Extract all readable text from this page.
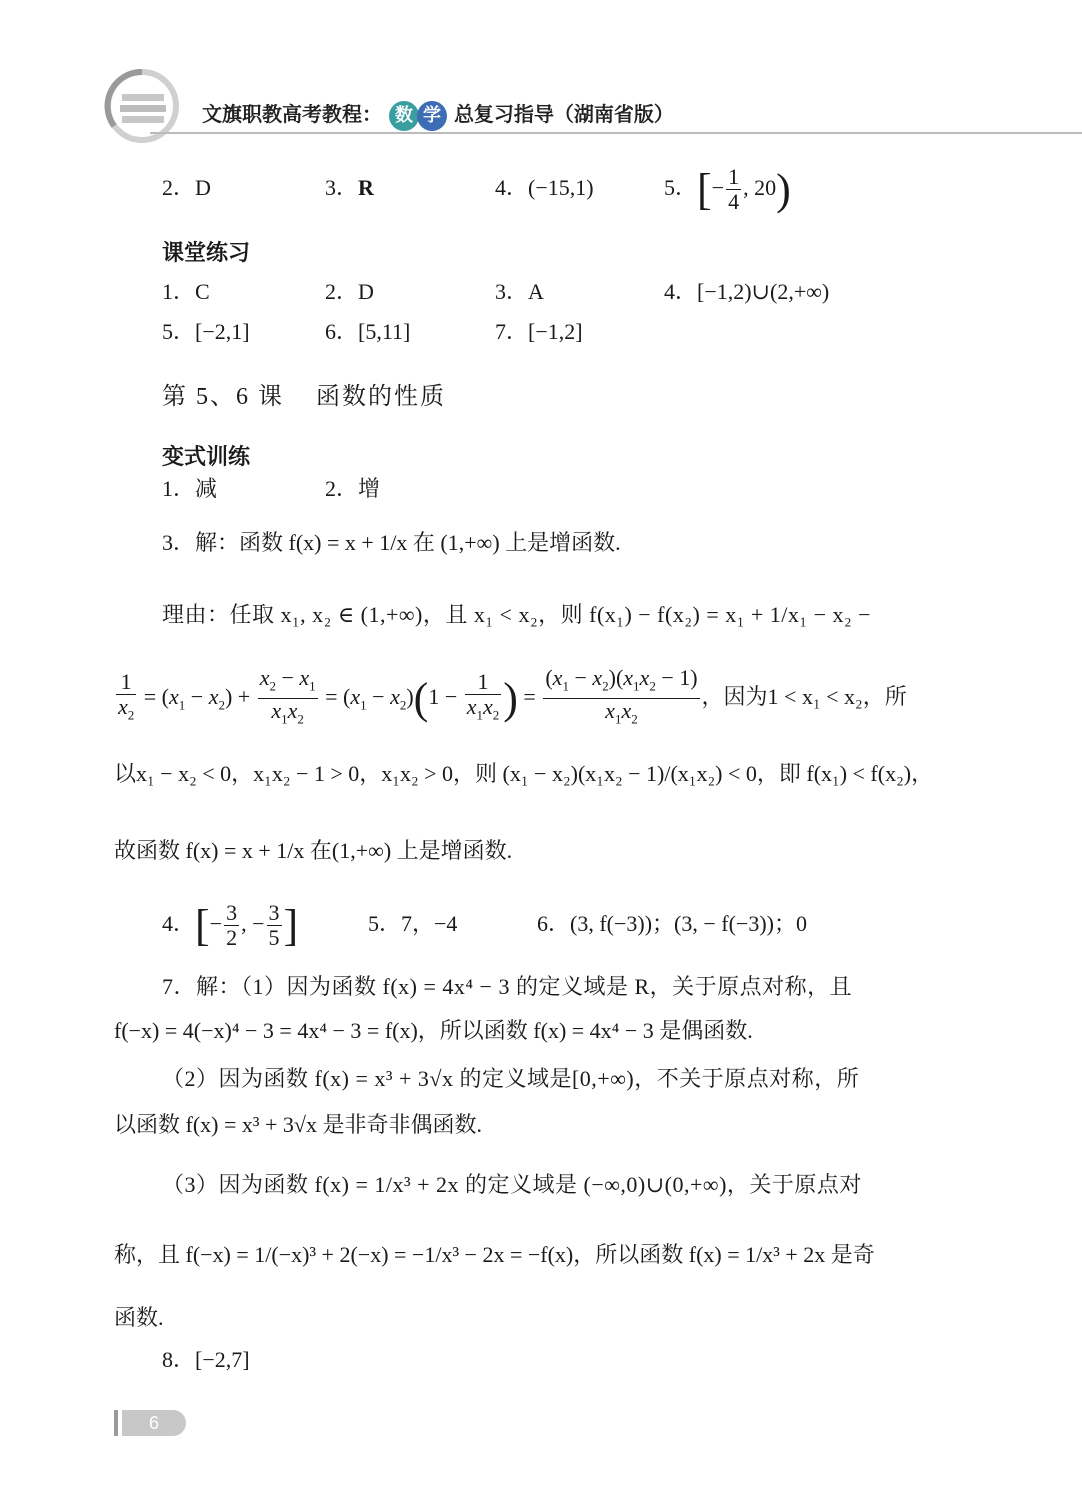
文旗职教高考教程： 数 学 总复习指导（湖南省版）
2．D	3．R	4．(−15,1)	5．[− $\frac{1}{4}$ , 20)
课堂练习
1．C	2．D	3．A	4．[−1,2)∪(2,+∞)
5．[−2,1]	6．[5,11]	7．[−1,2]
第 5、6 课    函数的性质
变式训练
1．减	2．增
3．解：函数 f(x) = x + 1/x 在 (1,+∞) 上是增函数.
理由：任取 x₁, x₂ ∈ (1,+∞)，且 x₁ < x₂，则 f(x₁) − f(x₂) = x₁ + 1/x₁ − x₂ −
$\frac{1}{x_2} = (x_1 - x_2) + \frac{x_2 - x_1}{x_1x_2} = (x_1 - x_2)(1 - \frac{1}{x_1x_2}$ ) = $\frac{(x_1 - x_2)(x_1x_2 - 1)}{x_1x_2}$ ，因为1 < x₁ < x₂，所
以x₁ − x₂ < 0，x₁x₂ − 1 > 0，x₁x₂ > 0，则 (x₁ − x₂)(x₁x₂ − 1)/(x₁x₂) < 0，即 f(x₁) < f(x₂)，
故函数 f(x) = x + 1/x 在(1,+∞) 上是增函数.
4．[− $\frac{3}{2}$ , − $\frac{3}{5}$ ]	5．7，−4	6．(3, f(−3))；(3, − f(−3))；0
7．解：（1）因为函数 f(x) = 4x⁴ − 3 的定义域是 R，关于原点对称，且
f(−x) = 4(−x)⁴ − 3 = 4x⁴ − 3 = f(x)，所以函数 f(x) = 4x⁴ − 3 是偶函数.
（2）因为函数 f(x) = x³ + 3√x 的定义域是[0,+∞)，不关于原点对称，所
以函数 f(x) = x³ + 3√x 是非奇非偶函数.
（3）因为函数 f(x) = 1/x³ + 2x 的定义域是 (−∞,0)∪(0,+∞)，关于原点对
称，且 f(−x) = 1/(−x)³ + 2(−x) = −1/x³ − 2x = −f(x)，所以函数 f(x) = 1/x³ + 2x 是奇
函数.
8．[−2,7]
6
